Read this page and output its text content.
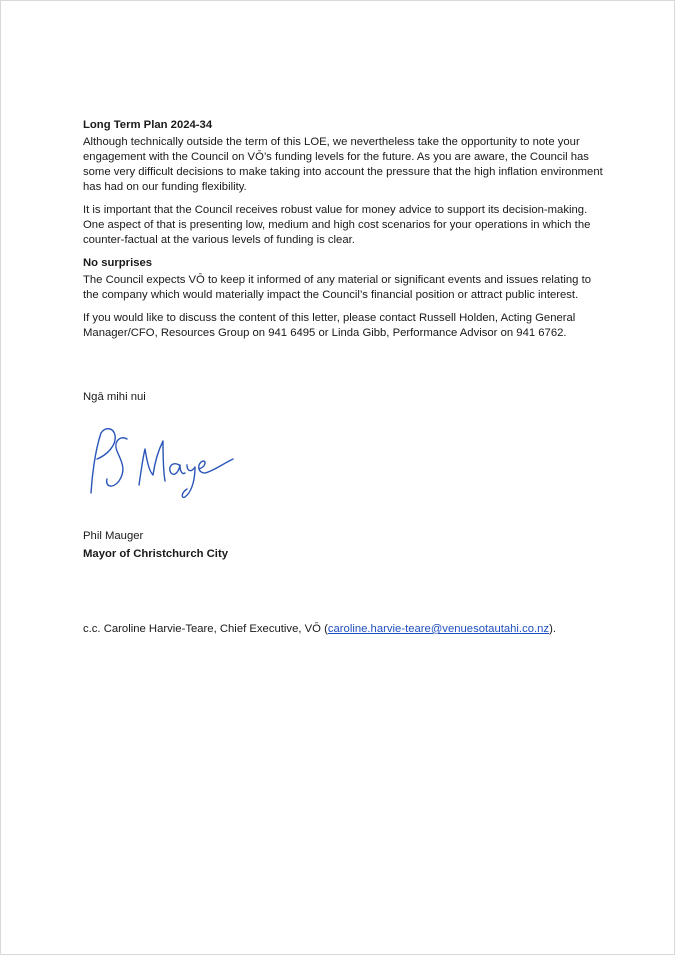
Long Term Plan 2024-34

Although technically outside the term of this LOE, we nevertheless take the opportunity to note your engagement with the Council on VŌ’s funding levels for the future. As you are aware, the Council has some very difficult decisions to make taking into account the pressure that the high inflation environment has had on our funding flexibility.

It is important that the Council receives robust value for money advice to support its decision-making. One aspect of that is presenting low, medium and high cost scenarios for your operations in which the counter-factual at the various levels of funding is clear.

No surprises

The Council expects VŌ to keep it informed of any material or significant events and issues relating to the company which would materially impact the Council’s financial position or attract public interest.

If you would like to discuss the content of this letter, please contact Russell Holden, Acting General Manager/CFO, Resources Group on 941 6495 or Linda Gibb, Performance Advisor on 941 6762.

Ngā mihi nui
Phil Mauger
Mayor of Christchurch City
c.c. Caroline Harvie-Teare, Chief Executive, VŌ (caroline.harvie-teare@venuesotautahi.co.nz).
